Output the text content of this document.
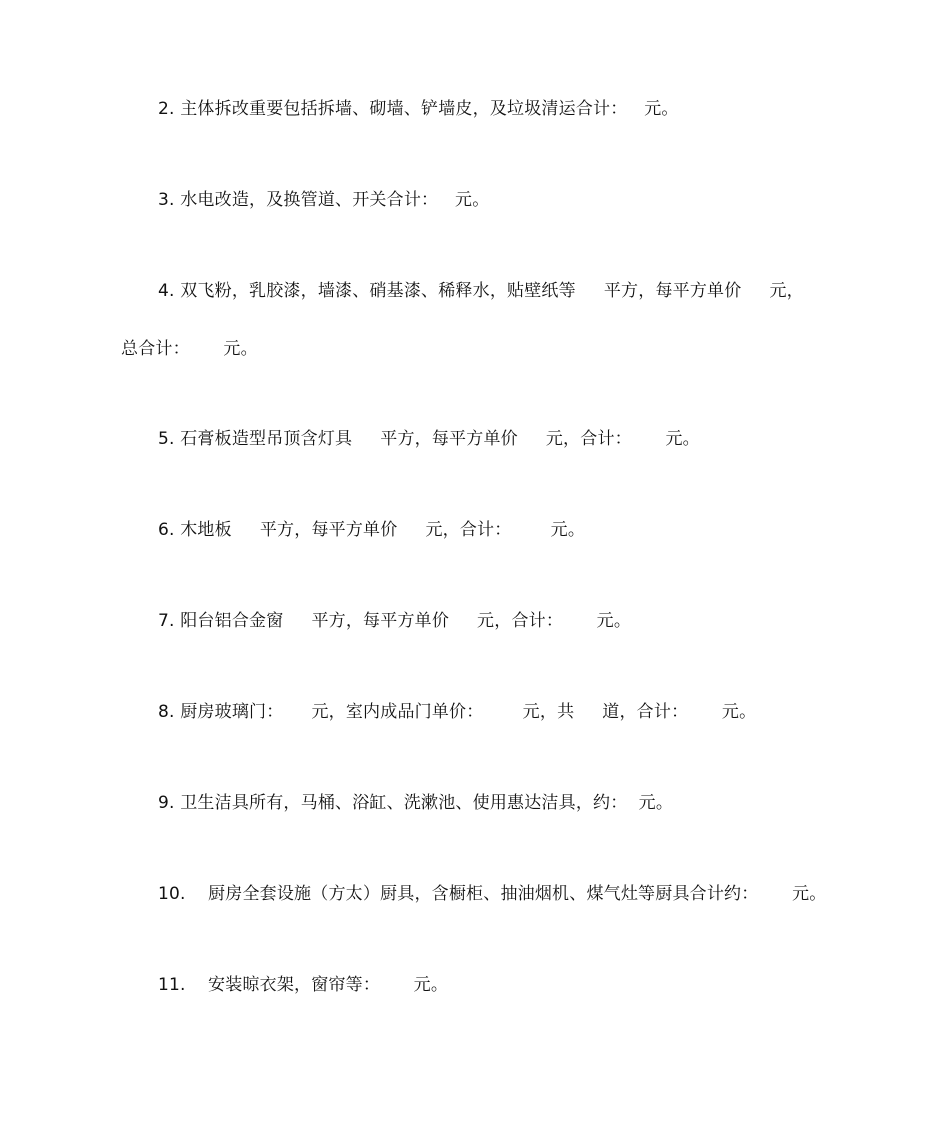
2. 主体拆改重要包括拆墙、砌墙、铲墙皮，及垃圾清运合计：   元。
3. 水电改造，及换管道、开关合计：   元。
4. 双飞粉，乳胶漆，墙漆、硝基漆、稀释水，贴壁纸等     平方，每平方单价     元，
总合计：      元。
5. 石膏板造型吊顶含灯具     平方，每平方单价     元，合计：      元。
6. 木地板     平方，每平方单价     元，合计：       元。
7. 阳台铝合金窗     平方，每平方单价     元，合计：      元。
8. 厨房玻璃门：     元，室内成品门单价：       元，共     道，合计：      元。
9. 卫生洁具所有，马桶、浴缸、洗漱池、使用惠达洁具，约：  元。
10.    厨房全套设施（方太）厨具，含橱柜、抽油烟机、煤气灶等厨具合计约：      元。
11.    安装晾衣架，窗帘等：      元。
